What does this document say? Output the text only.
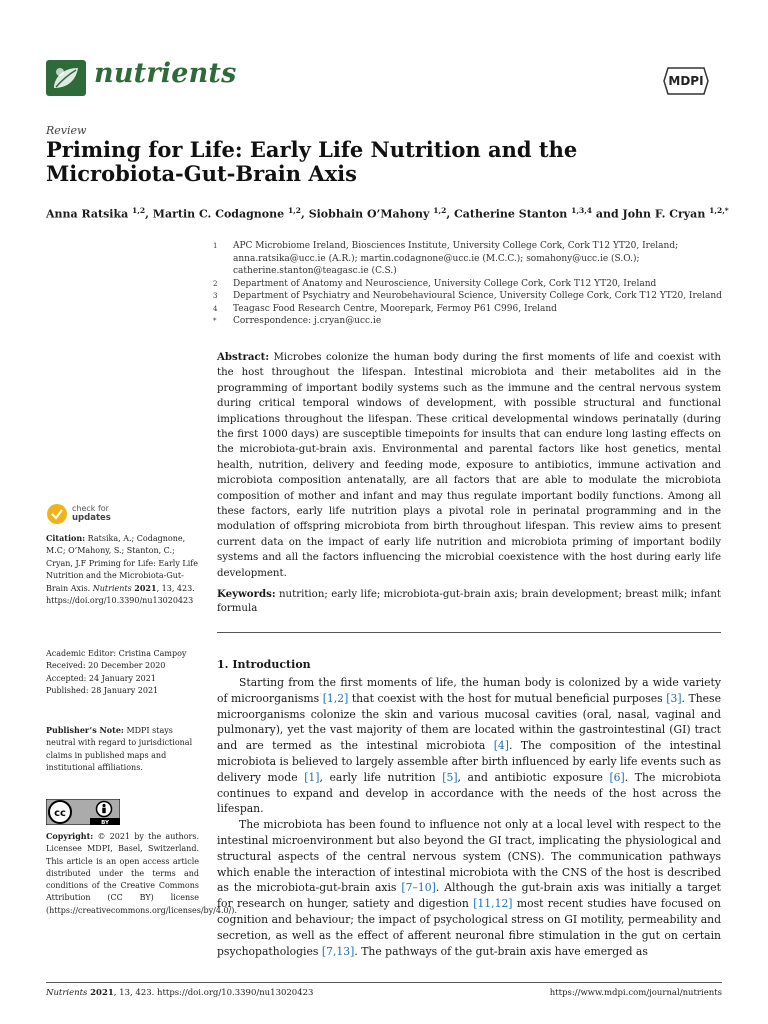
nutrients	MDPI
Review
Priming for Life: Early Life Nutrition and the Microbiota-Gut-Brain Axis
Anna Ratsika $^{1,2}$, Martin C. Codagnone $^{1,2}$, Siobhain O’Mahony $^{1,2}$, Catherine Stanton $^{1,3,4}$ and John F. Cryan $^{1,2,*}$
1	APC Microbiome Ireland, Biosciences Institute, University College Cork, Cork T12 YT20, Ireland;
anna.ratsika@ucc.ie (A.R.); martin.codagnone@ucc.ie (M.C.C.); somahony@ucc.ie (S.O.);
catherine.stanton@teagasc.ie (C.S.)
2	Department of Anatomy and Neuroscience, University College Cork, Cork T12 YT20, Ireland
3	Department of Psychiatry and Neurobehavioural Science, University College Cork, Cork T12 YT20, Ireland
4	Teagasc Food Research Centre, Moorepark, Fermoy P61 C996, Ireland
*	Correspondence: j.cryan@ucc.ie

Abstract: Microbes colonize the human body during the first moments of life and coexist with the host throughout the lifespan. Intestinal microbiota and their metabolites aid in the programming of important bodily systems such as the immune and the central nervous system during critical temporal windows of development, with possible structural and functional implications throughout the lifespan. These critical developmental windows perinatally (during the first 1000 days) are susceptible timepoints for insults that can endure long lasting effects on the microbiota-gut-brain axis. Environmental and parental factors like host genetics, mental health, nutrition, delivery and feeding mode, exposure to antibiotics, immune activation and microbiota composition antenatally, are all factors that are able to modulate the microbiota composition of mother and infant and may thus regulate important bodily functions. Among all these factors, early life nutrition plays a pivotal role in perinatal programming and in the modulation of offspring microbiota from birth throughout lifespan. This review aims to present current data on the impact of early life nutrition and microbiota priming of important bodily systems and all the factors influencing the microbial coexistence with the host during early life development.

Keywords: nutrition; early life; microbiota-gut-brain axis; brain development; breast milk; infant formula

check for
updates
Citation: Ratsika, A.; Codagnone, M.C; O’Mahony, S.; Stanton, C.; Cryan, J.F Priming for Life: Early Life Nutrition and the Microbiota-Gut-Brain Axis. Nutrients 2021, 13, 423. https://doi.org/10.3390/nu13020423
Academic Editor: Cristina Campoy
Received: 20 December 2020
Accepted: 24 January 2021
Published: 28 January 2021
Publisher’s Note: MDPI stays neutral with regard to jurisdictional claims in published maps and institutional affiliations.
cc
BY
Copyright: © 2021 by the authors. Licensee MDPI, Basel, Switzerland. This article is an open access article distributed under the terms and conditions of the Creative Commons Attribution (CC BY) license (https://creativecommons.org/licenses/by/4.0/).
1. Introduction

Starting from the first moments of life, the human body is colonized by a wide variety of microorganisms [1,2] that coexist with the host for mutual beneficial purposes [3]. These microorganisms colonize the skin and various mucosal cavities (oral, nasal, vaginal and pulmonary), yet the vast majority of them are located within the gastrointestinal (GI) tract and are termed as the intestinal microbiota [4]. The composition of the intestinal microbiota is believed to largely assemble after birth influenced by early life events such as delivery mode [1], early life nutrition [5], and antibiotic exposure [6]. The microbiota continues to expand and develop in accordance with the needs of the host across the lifespan.

The microbiota has been found to influence not only at a local level with respect to the intestinal microenvironment but also beyond the GI tract, implicating the physiological and structural aspects of the central nervous system (CNS). The communication pathways which enable the interaction of intestinal microbiota with the CNS of the host is described as the microbiota-gut-brain axis [7–10]. Although the gut-brain axis was initially a target for research on hunger, satiety and digestion [11,12] most recent studies have focused on cognition and behaviour; the impact of psychological stress on GI motility, permeability and secretion, as well as the effect of afferent neuronal fibre stimulation in the gut on certain psychopathologies [7,13]. The pathways of the gut-brain axis have emerged as

Nutrients 2021, 13, 423. https://doi.org/10.3390/nu13020423	https://www.mdpi.com/journal/nutrients
